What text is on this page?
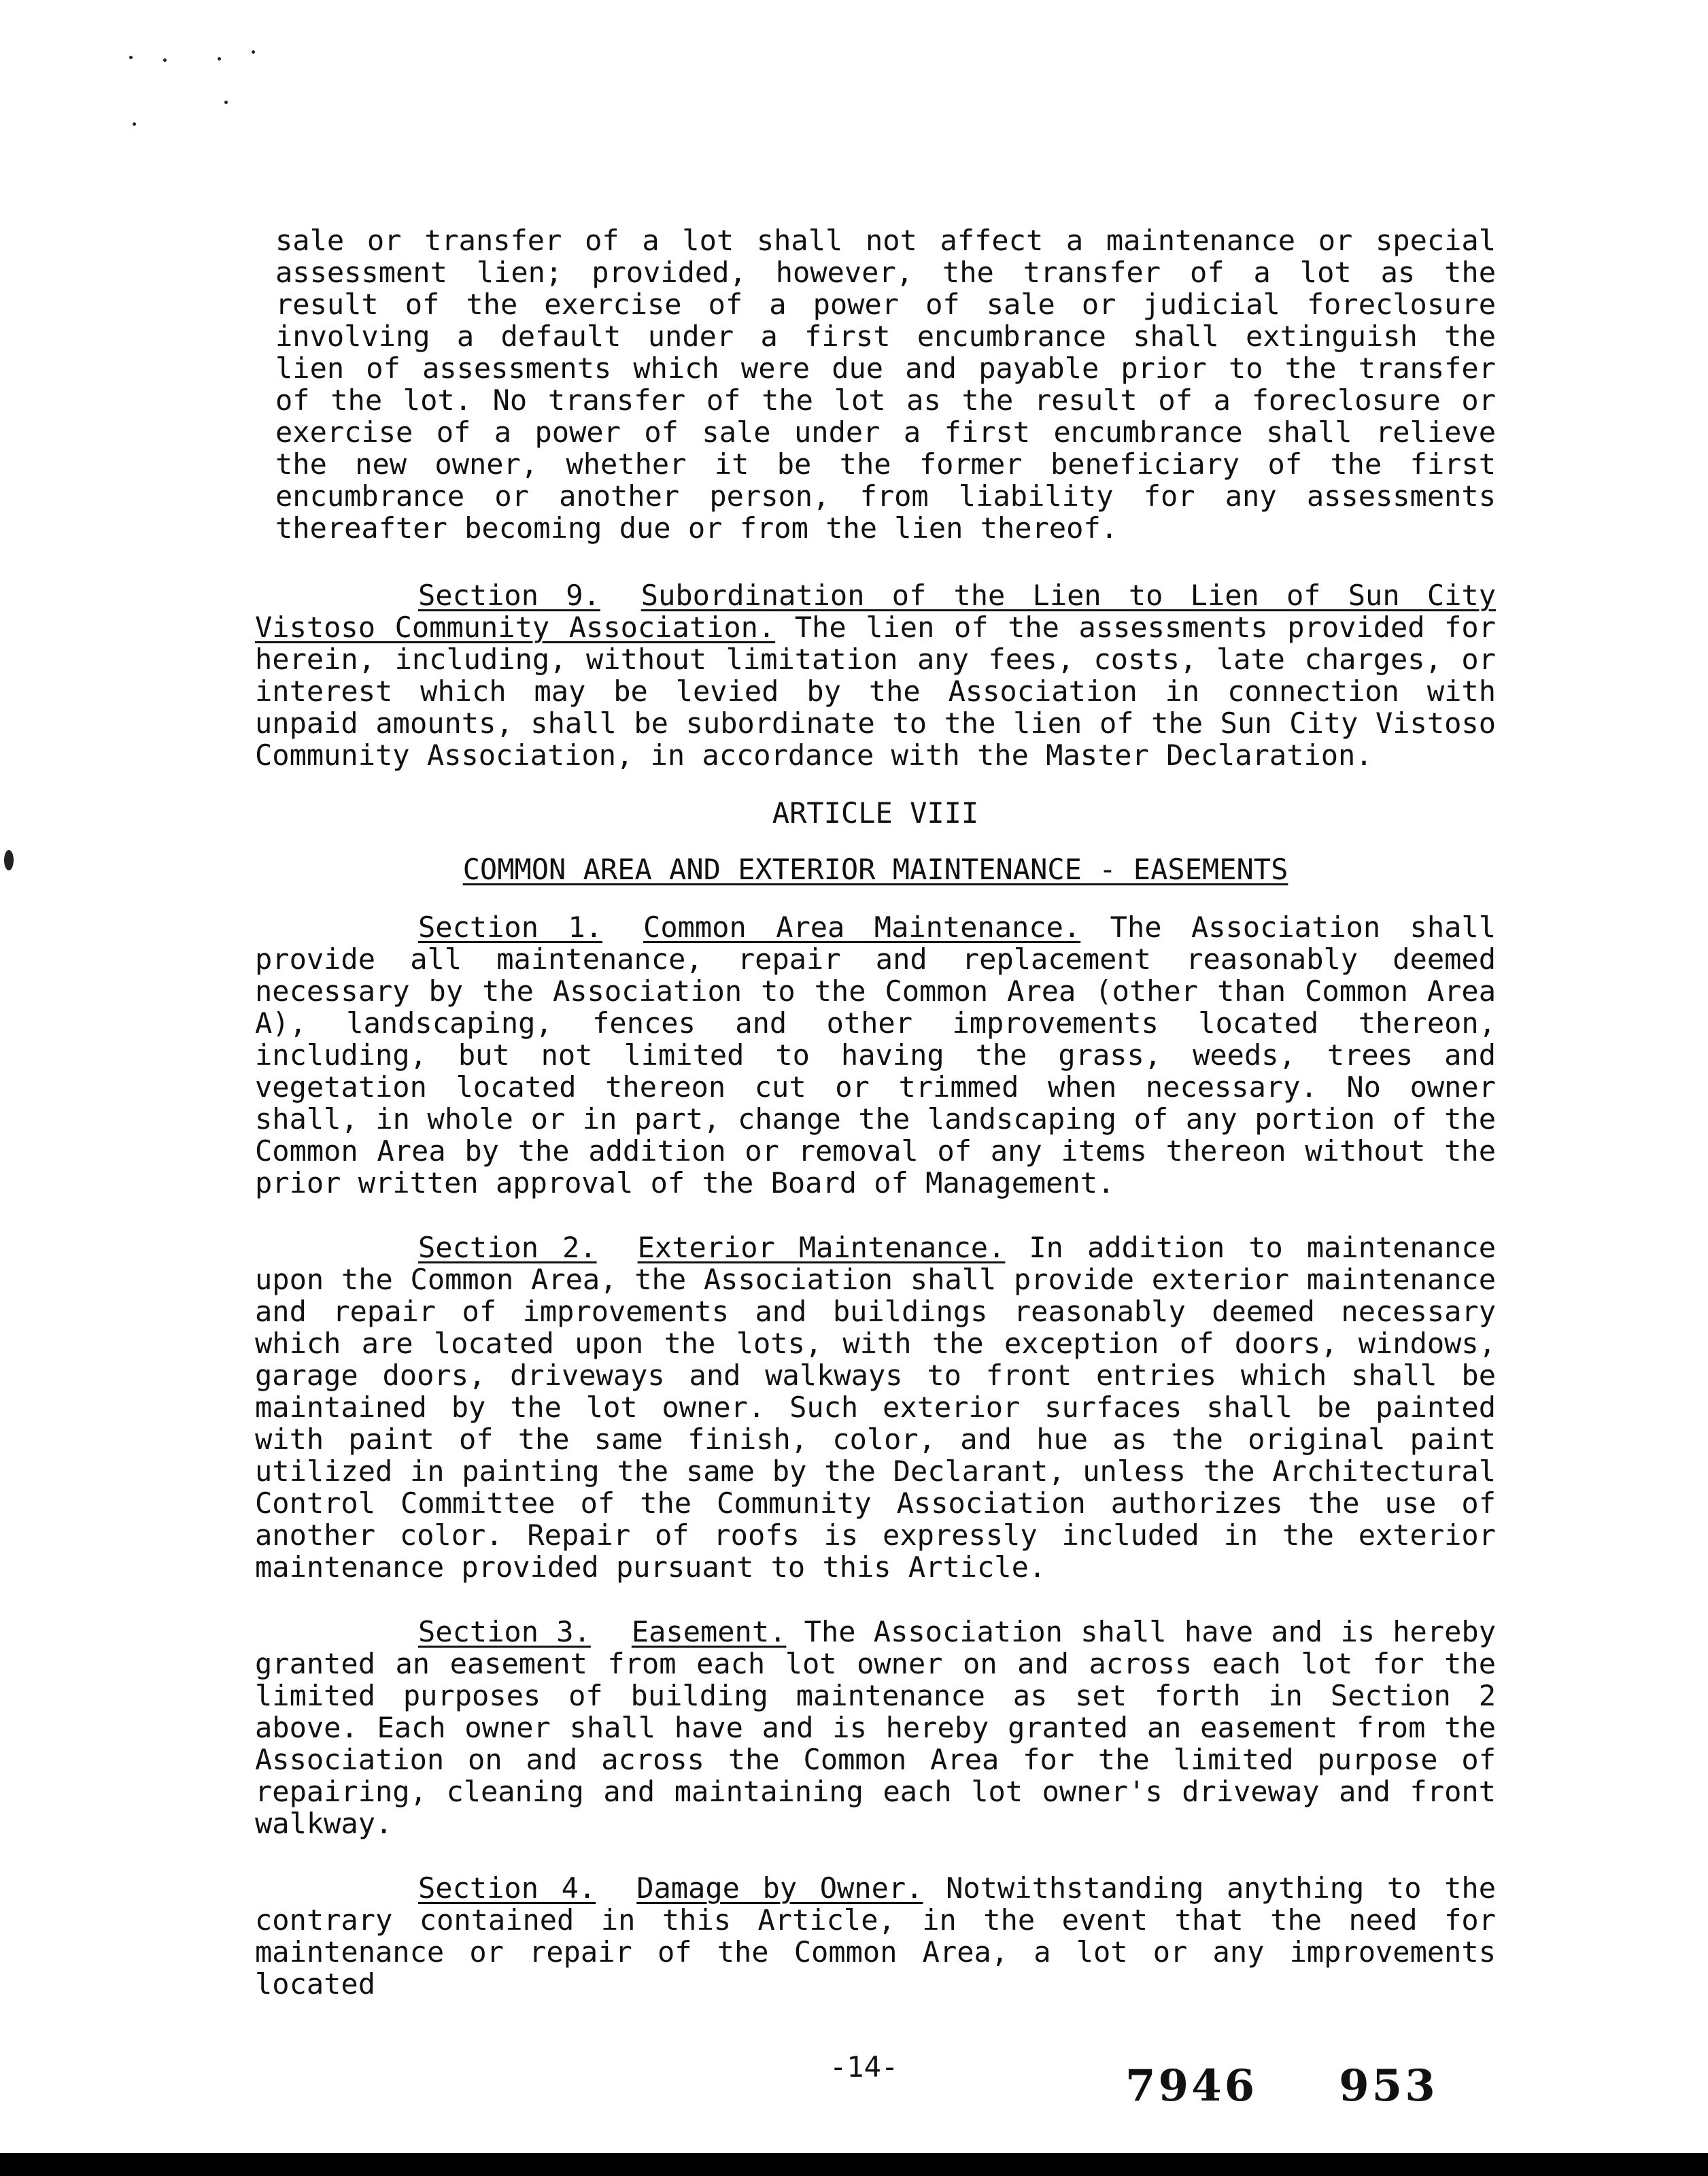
sale or transfer of a lot shall not affect a maintenance or special assessment lien; provided, however, the transfer of a lot as the result of the exercise of a power of sale or judicial foreclosure involving a default under a first encumbrance shall extinguish the lien of assessments which were due and payable prior to the transfer of the lot. No transfer of the lot as the result of a foreclosure or exercise of a power of sale under a first encumbrance shall relieve the new owner, whether it be the former beneficiary of the first encumbrance or another person, from liability for any assessments thereafter becoming due or from the lien thereof.

Section 9. Subordination of the Lien to Lien of Sun City Vistoso Community Association. The lien of the assessments provided for herein, including, without limitation any fees, costs, late charges, or interest which may be levied by the Association in connection with unpaid amounts, shall be subordinate to the lien of the Sun City Vistoso Community Association, in accordance with the Master Declaration.

ARTICLE VIII
COMMON AREA AND EXTERIOR MAINTENANCE - EASEMENTS

Section 1. Common Area Maintenance. The Association shall provide all maintenance, repair and replacement reasonably deemed necessary by the Association to the Common Area (other than Common Area A), landscaping, fences and other improvements located thereon, including, but not limited to having the grass, weeds, trees and vegetation located thereon cut or trimmed when necessary. No owner shall, in whole or in part, change the landscaping of any portion of the Common Area by the addition or removal of any items thereon without the prior written approval of the Board of Management.

Section 2. Exterior Maintenance. In addition to maintenance upon the Common Area, the Association shall provide exterior maintenance and repair of improvements and buildings reasonably deemed necessary which are located upon the lots, with the exception of doors, windows, garage doors, driveways and walkways to front entries which shall be maintained by the lot owner. Such exterior surfaces shall be painted with paint of the same finish, color, and hue as the original paint utilized in painting the same by the Declarant, unless the Architectural Control Committee of the Community Association authorizes the use of another color. Repair of roofs is expressly included in the exterior maintenance provided pursuant to this Article.

Section 3. Easement. The Association shall have and is hereby granted an easement from each lot owner on and across each lot for the limited purposes of building maintenance as set forth in Section 2 above. Each owner shall have and is hereby granted an easement from the Association on and across the Common Area for the limited purpose of repairing, cleaning and maintaining each lot owner's driveway and front walkway.

Section 4. Damage by Owner. Notwithstanding anything to the contrary contained in this Article, in the event that the need for maintenance or repair of the Common Area, a lot or any improvements located

-14-	7946 953
